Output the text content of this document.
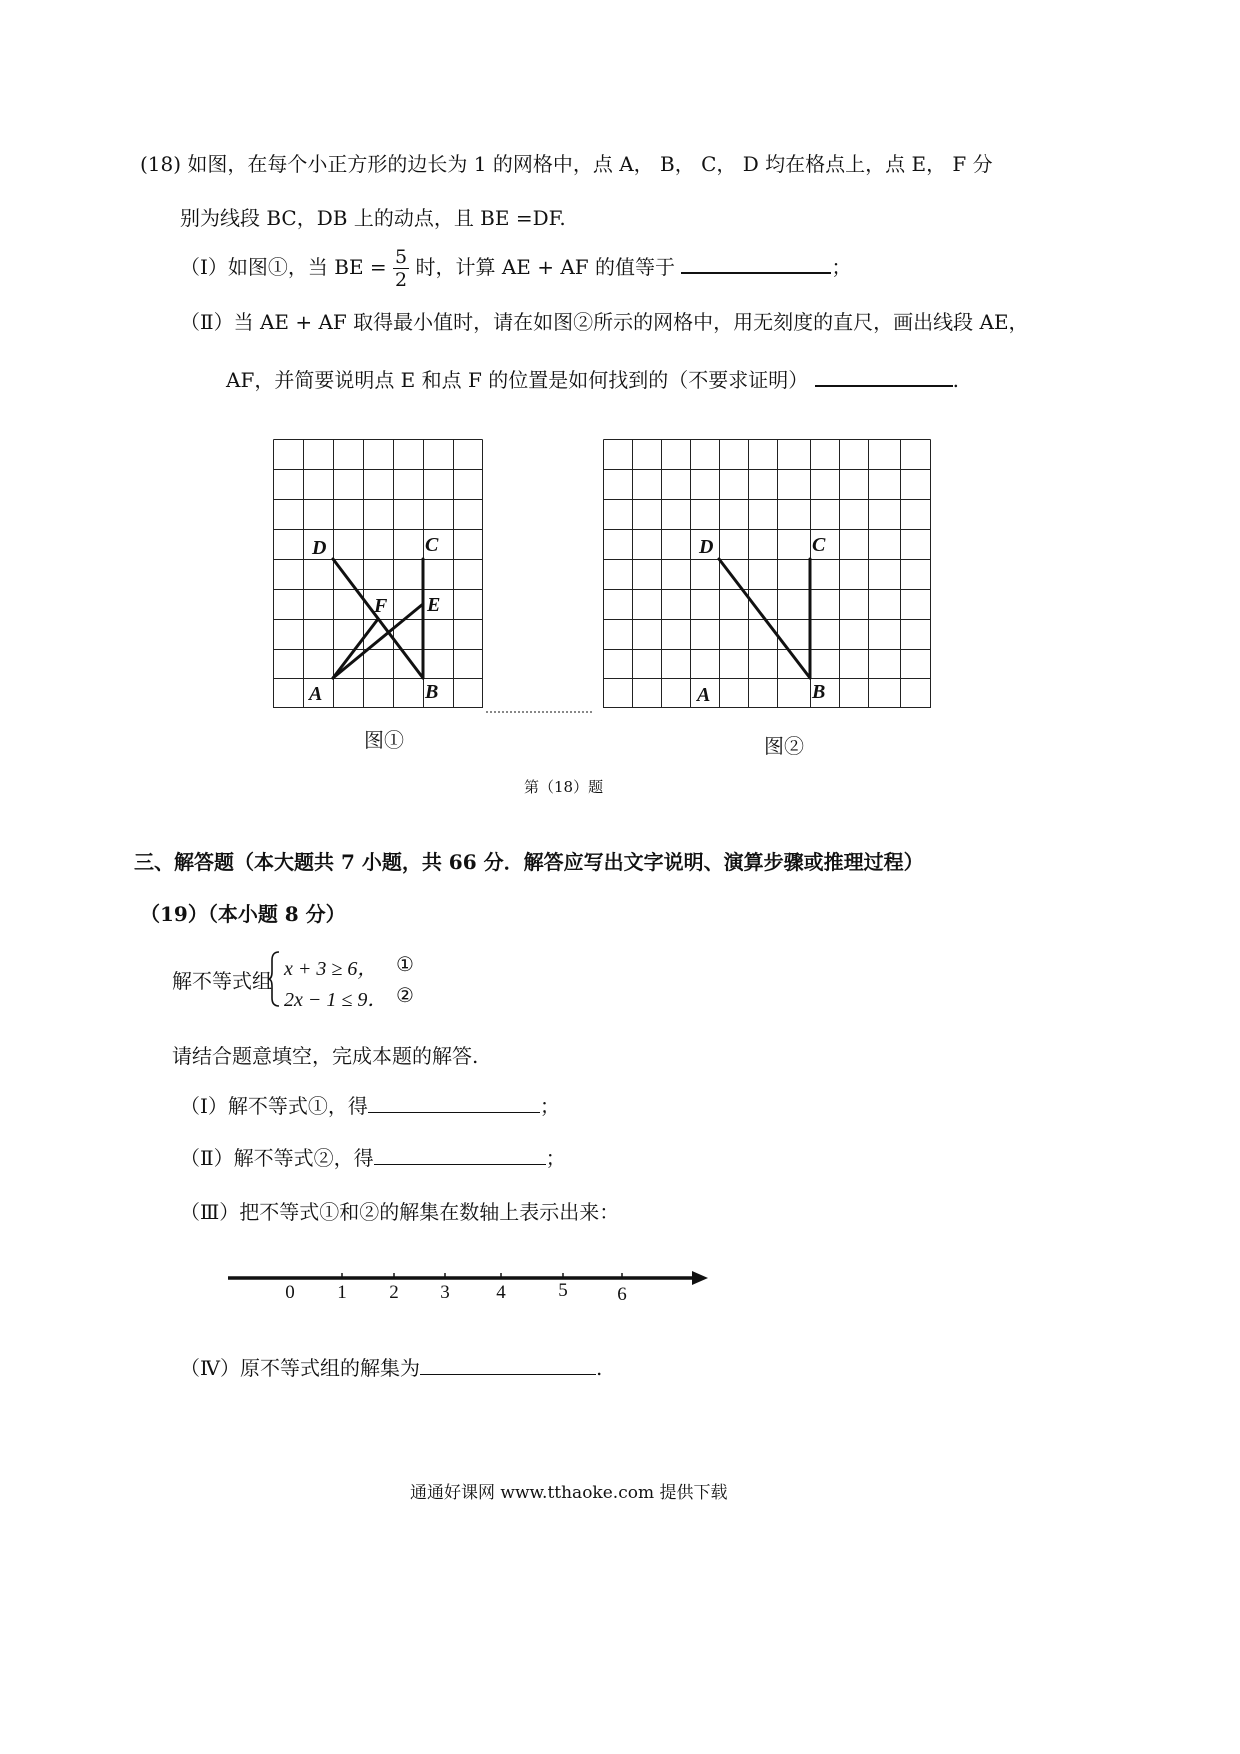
(18) 如图，在每个小正方形的边长为 1 的网格中，点 A， B， C， D 均在格点上，点 E， F 分
别为线段 BC，DB 上的动点，且 BE =DF.
（Ⅰ）如图①，当 BE = $\frac{5}{2}$ 时，计算 AE + AF 的值等于	；
（Ⅱ）当 AE + AF 取得最小值时，请在如图②所示的网格中，用无刻度的直尺，画出线段 AE，
AF，并简要说明点 E 和点 F 的位置是如何找到的（不要求证明）	.
D	C
F E
A	B
D	C
A	B
图①	图②
第（18）题
三、解答题（本大题共 7 小题，共 66 分．解答应写出文字说明、演算步骤或推理过程）
（19）（本小题 8 分）
解不等式组 x + 3 ≥ 6， ①
2x − 1 ≤ 9． ②
请结合题意填空，完成本题的解答.
（Ⅰ）解不等式①，得	；
（Ⅱ）解不等式②，得	；
（Ⅲ）把不等式①和②的解集在数轴上表示出来：
0 1 2 3 4	5	6
（Ⅳ）原不等式组的解集为	.
通通好课网 www.tthaoke.com 提供下载
